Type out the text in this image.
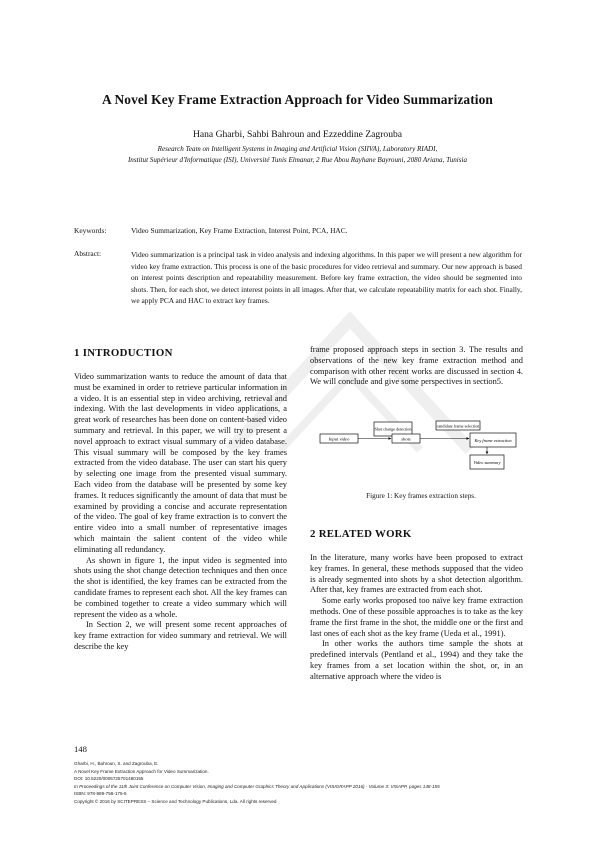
A Novel Key Frame Extraction Approach for Video Summarization
Hana Gharbi, Sahbi Bahroun and Ezzeddine Zagrouba
Research Team on Intelligent Systems in Imaging and Artificial Vision (SIIVA), Laboratory RIADI,
Institut Supérieur d'Informatique (ISI), Université Tunis Elmanar, 2 Rue Abou Rayhane Bayrouni, 2080 Ariana, Tunisia
Keywords:	Video Summarization, Key Frame Extraction, Interest Point, PCA, HAC.
Abstract:	Video summarization is a principal task in video analysis and indexing algorithms. In this paper we will present a new algorithm for video key frame extraction. This process is one of the basic procedures for video retrieval and summary. Our new approach is based on interest points description and repeatability measurement. Before key frame extraction, the video should be segmented into shots. Then, for each shot, we detect interest points in all images. After that, we calculate repeatability matrix for each shot. Finally, we apply PCA and HAC to extract key frames.
1 INTRODUCTION

Video summarization wants to reduce the amount of data that must be examined in order to retrieve particular information in a video. It is an essential step in video archiving, retrieval and indexing. With the last developments in video applications, a great work of researches has been done on content-based video summary and retrieval. In this paper, we will try to present a novel approach to extract visual summary of a video database. This visual summary will be composed by the key frames extracted from the video database. The user can start his query by selecting one image from the presented visual summary. Each video from the database will be presented by some key frames. It reduces significantly the amount of data that must be examined by providing a concise and accurate representation of the video. The goal of key frame extraction is to convert the entire video into a small number of representative images which maintain the salient content of the video while eliminating all redundancy.

As shown in figure 1, the input video is segmented into shots using the shot change detection techniques and then once the shot is identified, the key frames can be extracted from the candidate frames to represent each shot. All the key frames can be combined together to create a video summary which will represent the video as a whole.

In Section 2, we will present some recent approaches of key frame extraction for video summary and retrieval. We will describe the key

frame proposed approach steps in section 3. The results and observations of the new key frame extraction method and comparison with other recent works are discussed in section 4. We will conclude and give some perspectives in section5.

Input video
Shot change detection
shots
candidate frame selection
Key frame extraction
Video summary
Figure 1: Key frames extraction steps.
2 RELATED WORK

In the literature, many works have been proposed to extract key frames. In general, these methods supposed that the video is already segmented into shots by a shot detection algorithm. After that, key frames are extracted from each shot.

Some early works proposed too naïve key frame extraction methods. One of these possible approaches is to take as the key frame the first frame in the shot, the middle one or the first and last ones of each shot as the key frame (Ueda et al., 1991).

In other works the authors time sample the shots at predefined intervals (Pentland et al., 1994) and they take the key frames from a set location within the shot, or, in an alternative approach where the video is

148
Gharbi, H., Bahroun, S. and Zagrouba, E.
A Novel Key Frame Extraction Approach for Video Summarization.
DOI: 10.5220/0005725701480155
In Proceedings of the 11th Joint Conference on Computer Vision, Imaging and Computer Graphics Theory and Applications (VISIGRAPP 2016) - Volume 3: VISAPP, pages 148-155
ISBN: 978-989-758-175-5
Copyright © 2016 by SCITEPRESS – Science and Technology Publications, Lda. All rights reserved
